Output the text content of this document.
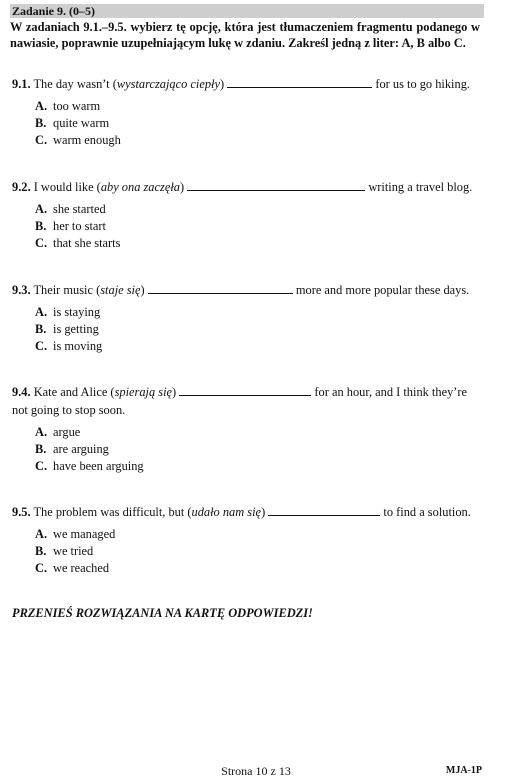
Zadanie 9. (0–5)
W zadaniach 9.1.–9.5. wybierz tę opcję, która jest tłumaczeniem fragmentu podanego w nawiasie, poprawnie uzupełniającym lukę w zdaniu. Zakreśl jedną z liter: A, B albo C.
9.1. The day wasn’t (wystarczająco ciepły)	for us to go hiking.
A. too warm
B. quite warm
C. warm enough
9.2. I would like (aby ona zaczęła)	writing a travel blog.
A. she started
B. her to start
C. that she starts
9.3. Their music (staje się)	more and more popular these days.
A. is staying
B. is getting
C. is moving
9.4. Kate and Alice (spierają się)	for an hour, and I think they’re
not going to stop soon.
A. argue
B. are arguing
C. have been arguing
9.5. The problem was difficult, but (udało nam się)	to find a solution.
A. we managed
B. we tried
C. we reached
PRZENIEŚ ROZWIĄZANIA NA KARTĘ ODPOWIEDZI!
Strona 10 z 13	MJA-1P
